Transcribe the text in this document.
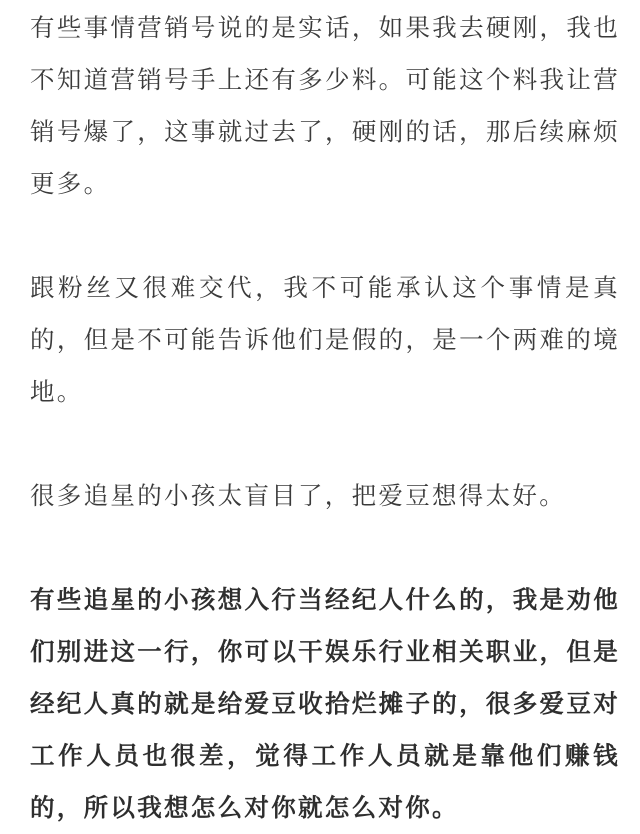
有些事情营销号说的是实话，如果我去硬刚，我也不知道营销号手上还有多少料。可能这个料我让营销号爆了，这事就过去了，硬刚的话，那后续麻烦更多。

跟粉丝又很难交代，我不可能承认这个事情是真的，但是不可能告诉他们是假的，是一个两难的境地。

很多追星的小孩太盲目了，把爱豆想得太好。

有些追星的小孩想入行当经纪人什么的，我是劝他们别进这一行，你可以干娱乐行业相关职业，但是经纪人真的就是给爱豆收拾烂摊子的，很多爱豆对工作人员也很差，觉得工作人员就是靠他们赚钱的，所以我想怎么对你就怎么对你。
